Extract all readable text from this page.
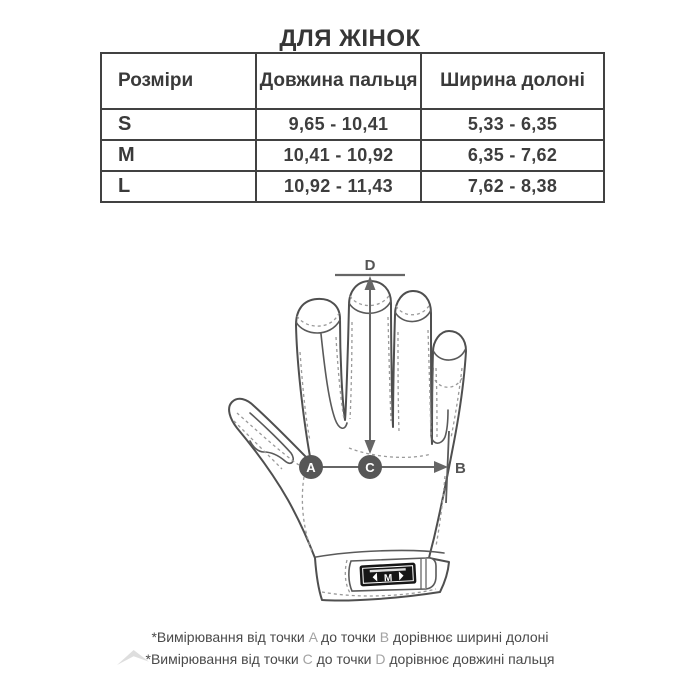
ДЛЯ ЖІНОК
Розміри	Довжина пальця	Ширина долоні
S	9,65 - 10,41	5,33 - 6,35
M	10,41 - 10,92	6,35 - 7,62
L	10,92 - 11,43	7,62 - 8,38
M
A	C
D
B
*Вимірювання від точки A до точки B дорівнює ширині долоні
*Вимірювання від точки C до точки D дорівнює довжині пальця
